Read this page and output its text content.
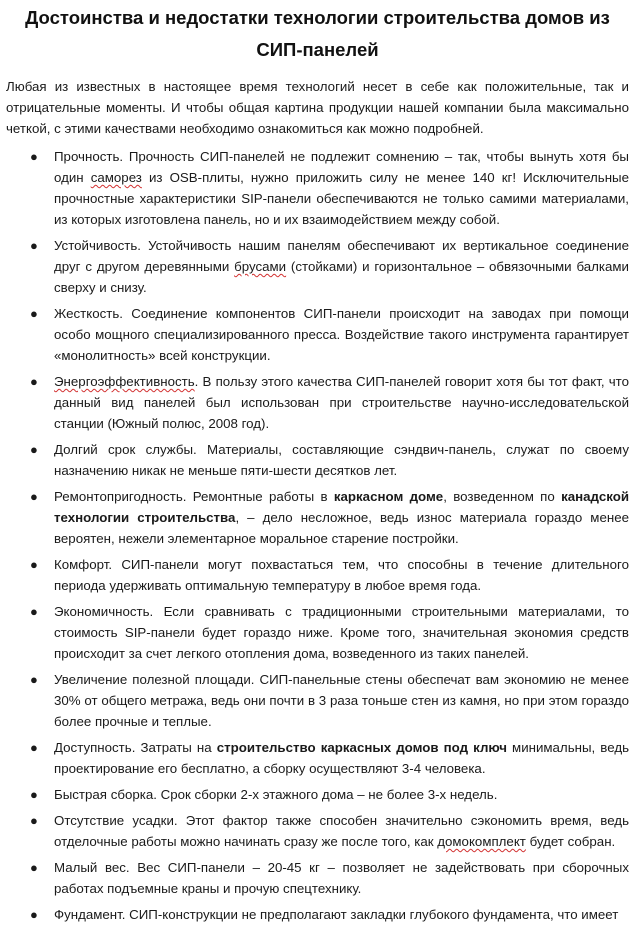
Достоинства и недостатки технологии строительства домов из СИП-панелей

Любая из известных в настоящее время технологий несет в себе как положительные, так и отрицательные моменты. И чтобы общая картина продукции нашей компании была максимально четкой, с этими качествами необходимо ознакомиться как можно подробней.

● Прочность. Прочность СИП-панелей не подлежит сомнению – так, чтобы вынуть хотя бы один саморез из OSB-плиты, нужно приложить силу не менее 140 кг! Исключительные прочностные характеристики SIP-панели обеспечиваются не только самими материалами, из которых изготовлена панель, но и их взаимодействием между собой.
● Устойчивость. Устойчивость нашим панелям обеспечивают их вертикальное соединение друг с другом деревянными брусами (стойками) и горизонтальное – обвязочными балками сверху и снизу.
● Жесткость. Соединение компонентов СИП-панели происходит на заводах при помощи особо мощного специализированного пресса. Воздействие такого инструмента гарантирует «монолитность» всей конструкции.
● Энергоэффективность. В пользу этого качества СИП-панелей говорит хотя бы тот факт, что данный вид панелей был использован при строительстве научно-исследовательской станции (Южный полюс, 2008 год).
● Долгий срок службы. Материалы, составляющие сэндвич-панель, служат по своему назначению никак не меньше пяти-шести десятков лет.
● Ремонтопригодность. Ремонтные работы в каркасном доме, возведенном по канадской технологии строительства, – дело несложное, ведь износ материала гораздо менее вероятен, нежели элементарное моральное старение постройки.
● Комфорт. СИП-панели могут похвастаться тем, что способны в течение длительного периода удерживать оптимальную температуру в любое время года.
● Экономичность. Если сравнивать с традиционными строительными материалами, то стоимость SIP-панели будет гораздо ниже. Кроме того, значительная экономия средств происходит за счет легкого отопления дома, возведенного из таких панелей.
● Увеличение полезной площади. СИП-панельные стены обеспечат вам экономию не менее 30% от общего метража, ведь они почти в 3 раза тоньше стен из камня, но при этом гораздо более прочные и теплые.
● Доступность. Затраты на строительство каркасных домов под ключ минимальны, ведь проектирование его бесплатно, а сборку осуществляют 3-4 человека.
● Быстрая сборка. Срок сборки 2-х этажного дома – не более 3-х недель.
● Отсутствие усадки. Этот фактор также способен значительно сэкономить время, ведь отделочные работы можно начинать сразу же после того, как домокомплект будет собран.
● Малый вес. Вес СИП-панели – 20-45 кг – позволяет не задействовать при сборочных работах подъемные краны и прочую спецтехнику.
● Фундамент. СИП-конструкции не предполагают закладки глубокого фундамента, что имеет
